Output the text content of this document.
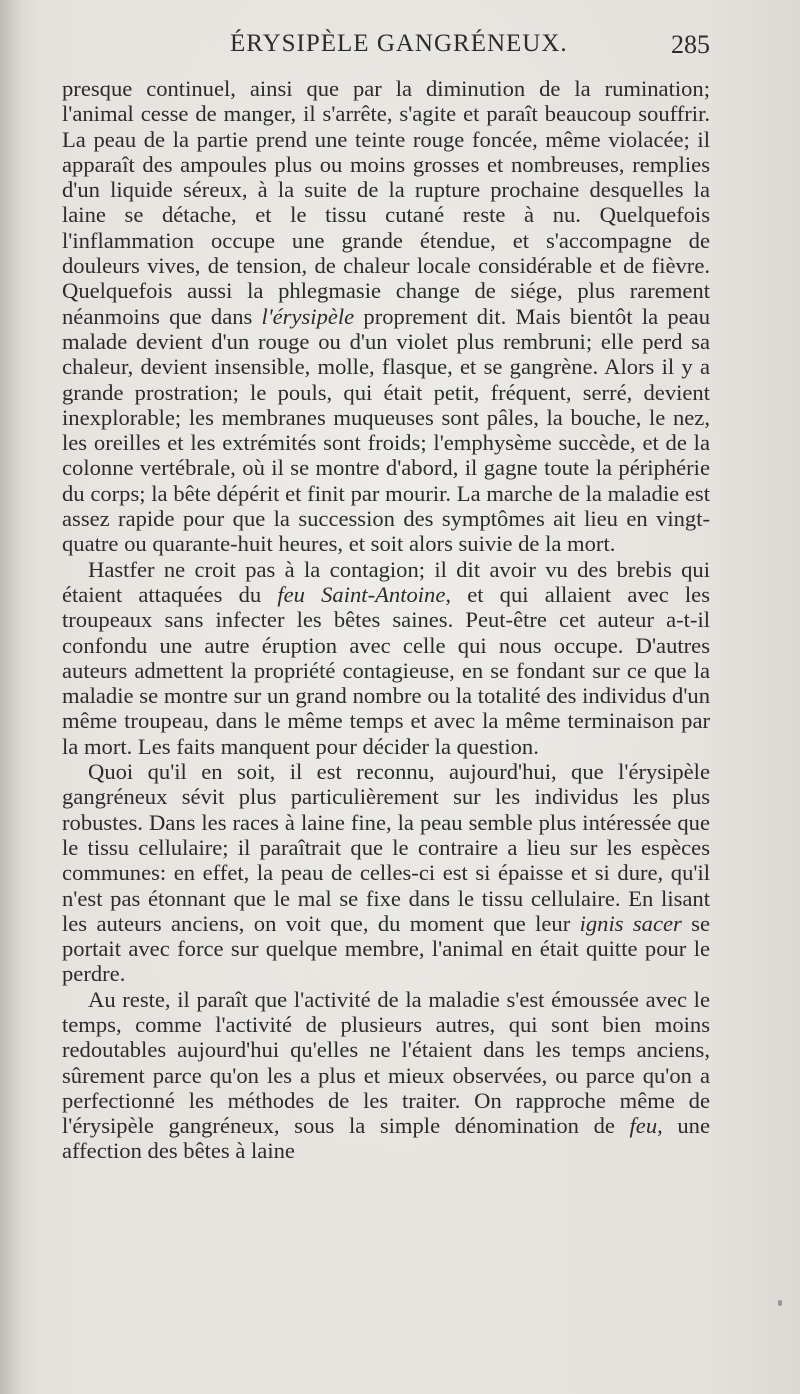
ÉRYSIPÈLE GANGRÉNEUX.	285

presque continuel, ainsi que par la diminution de la rumination; l'animal cesse de manger, il s'arrête, s'agite et paraît beaucoup souffrir. La peau de la partie prend une teinte rouge foncée, même violacée; il apparaît des ampoules plus ou moins grosses et nombreuses, remplies d'un liquide séreux, à la suite de la rupture prochaine desquelles la laine se détache, et le tissu cutané reste à nu. Quelquefois l'inflammation occupe une grande étendue, et s'accompagne de douleurs vives, de tension, de chaleur locale considérable et de fièvre. Quelquefois aussi la phlegmasie change de siége, plus rarement néanmoins que dans l'érysipèle proprement dit. Mais bientôt la peau malade devient d'un rouge ou d'un violet plus rembruni; elle perd sa chaleur, devient insensible, molle, flasque, et se gangrène. Alors il y a grande prostration; le pouls, qui était petit, fréquent, serré, devient inexplorable; les membranes muqueuses sont pâles, la bouche, le nez, les oreilles et les extrémités sont froids; l'emphysème succède, et de la colonne vertébrale, où il se montre d'abord, il gagne toute la périphérie du corps; la bête dépérit et finit par mourir. La marche de la maladie est assez rapide pour que la succession des symptômes ait lieu en vingt-quatre ou quarante-huit heures, et soit alors suivie de la mort.

Hastfer ne croit pas à la contagion; il dit avoir vu des brebis qui étaient attaquées du feu Saint-Antoine, et qui allaient avec les troupeaux sans infecter les bêtes saines. Peut-être cet auteur a-t-il confondu une autre éruption avec celle qui nous occupe. D'autres auteurs admettent la propriété contagieuse, en se fondant sur ce que la maladie se montre sur un grand nombre ou la totalité des individus d'un même troupeau, dans le même temps et avec la même terminaison par la mort. Les faits manquent pour décider la question.

Quoi qu'il en soit, il est reconnu, aujourd'hui, que l'érysipèle gangréneux sévit plus particulièrement sur les individus les plus robustes. Dans les races à laine fine, la peau semble plus intéressée que le tissu cellulaire; il paraîtrait que le contraire a lieu sur les espèces communes: en effet, la peau de celles-ci est si épaisse et si dure, qu'il n'est pas étonnant que le mal se fixe dans le tissu cellulaire. En lisant les auteurs anciens, on voit que, du moment que leur ignis sacer se portait avec force sur quelque membre, l'animal en était quitte pour le perdre.

Au reste, il paraît que l'activité de la maladie s'est émoussée avec le temps, comme l'activité de plusieurs autres, qui sont bien moins redoutables aujourd'hui qu'elles ne l'étaient dans les temps anciens, sûrement parce qu'on les a plus et mieux observées, ou parce qu'on a perfectionné les méthodes de les traiter. On rapproche même de l'érysipèle gangréneux, sous la simple dénomination de feu, une affection des bêtes à laine
